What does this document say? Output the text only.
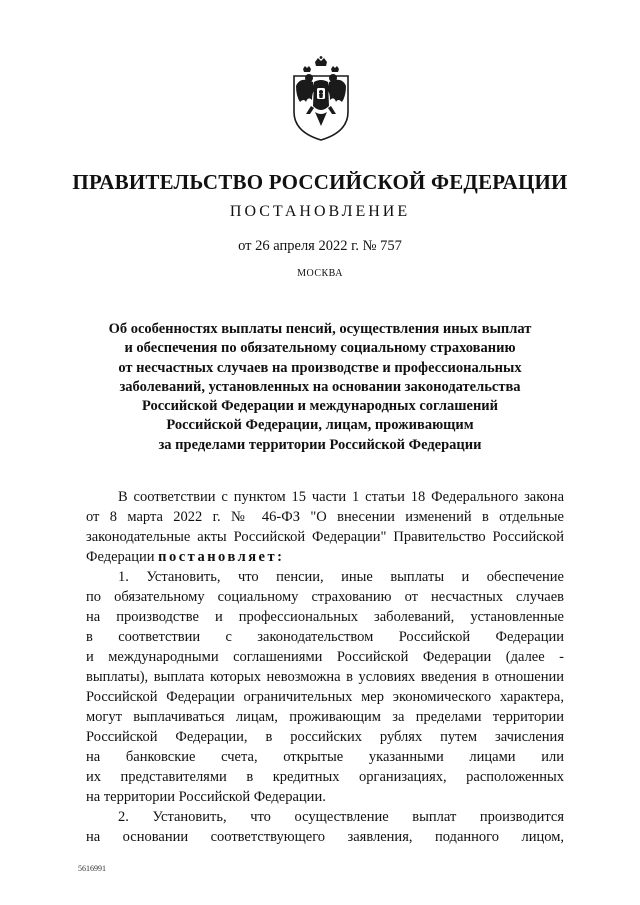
ПРАВИТЕЛЬСТВО РОССИЙСКОЙ ФЕДЕРАЦИИ
ПОСТАНОВЛЕНИЕ
от 26 апреля 2022 г. № 757
МОСКВА
Об особенностях выплаты пенсий, осуществления иных выплат
и обеспечения по обязательному социальному страхованию
от несчастных случаев на производстве и профессиональных
заболеваний, установленных на основании законодательства
Российской Федерации и международных соглашений
Российской Федерации, лицам, проживающим
за пределами территории Российской Федерации
В соответствии с пунктом 15 части 1 статьи 18 Федерального закона
от 8 марта 2022 г. № 46-ФЗ "О внесении изменений в отдельные
законодательные акты Российской Федерации" Правительство Российской
Федерации постановляет:
1. Установить, что пенсии, иные выплаты и обеспечение
по обязательному социальному страхованию от несчастных случаев
на производстве и профессиональных заболеваний, установленные
в соответствии с законодательством Российской Федерации
и международными соглашениями Российской Федерации (далее -
выплаты), выплата которых невозможна в условиях введения в отношении
Российской Федерации ограничительных мер экономического характера,
могут выплачиваться лицам, проживающим за пределами территории
Российской Федерации, в российских рублях путем зачисления
на банковские счета, открытые указанными лицами или
их представителями в кредитных организациях, расположенных
на территории Российской Федерации.
2. Установить, что осуществление выплат производится
на основании соответствующего заявления, поданного лицом,
5616991
